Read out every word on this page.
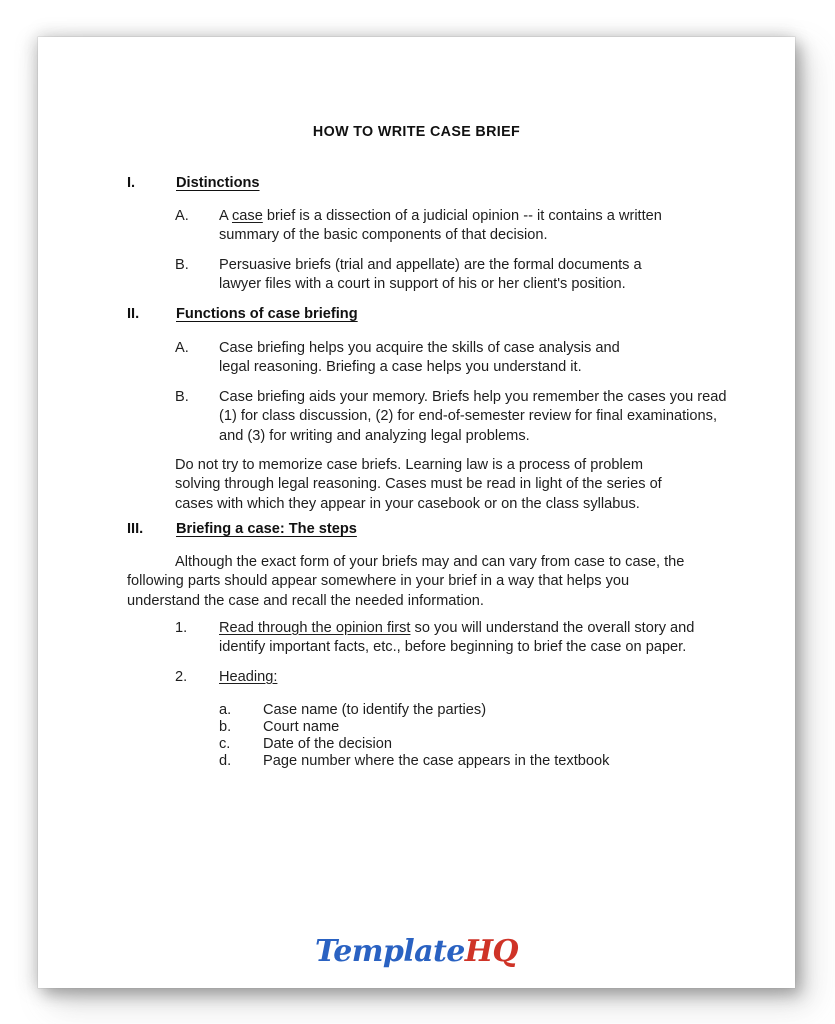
HOW TO WRITE CASE BRIEF
I.	Distinctions
A. A case brief is a dissection of a judicial opinion -- it contains a written summary of the basic components of that decision.
B. Persuasive briefs (trial and appellate) are the formal documents a lawyer files with a court in support of his or her client's position.
II.	Functions of case briefing
A. Case briefing helps you acquire the skills of case analysis and legal reasoning. Briefing a case helps you understand it.
B. Case briefing aids your memory. Briefs help you remember the cases you read (1) for class discussion, (2) for end-of-semester review for final examinations, and (3) for writing and analyzing legal problems.
Do not try to memorize case briefs. Learning law is a process of problem solving through legal reasoning. Cases must be read in light of the series of cases with which they appear in your casebook or on the class syllabus.
III. Briefing a case: The steps
Although the exact form of your briefs may and can vary from case to case, the following parts should appear somewhere in your brief in a way that helps you understand the case and recall the needed information.
1. Read through the opinion first so you will understand the overall story and identify important facts, etc., before beginning to brief the case on paper.
2. Heading:
a. Case name (to identify the parties)
b. Court name
c. Date of the decision
d. Page number where the case appears in the textbook
TemplateHQ
